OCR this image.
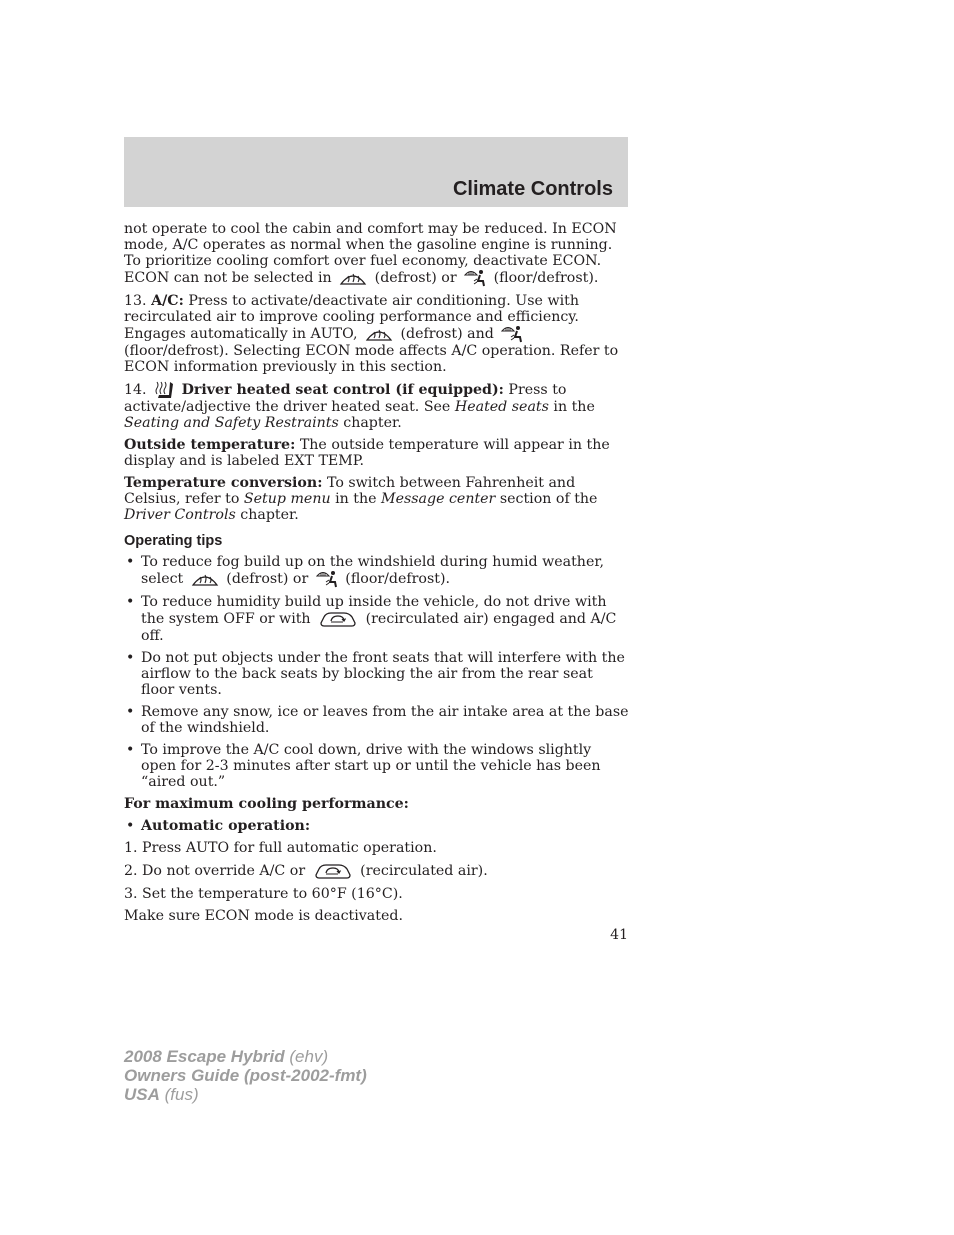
Climate Controls

not operate to cool the cabin and comfort may be reduced. In ECON mode, A/C operates as normal when the gasoline engine is running. To prioritize cooling comfort over fuel economy, deactivate ECON. ECON can not be selected in	(defrost) or	(floor/defrost).

13. A/C: Press to activate/deactivate air conditioning. Use with recirculated air to improve cooling performance and efficiency. Engages automatically in AUTO,	(defrost) and
(floor/defrost). Selecting ECON mode affects A/C operation. Refer to ECON information previously in this section.

14. Driver heated seat control (if equipped): Press to activate/adjective the driver heated seat. See Heated seats in the Seating and Safety Restraints chapter.

Outside temperature: The outside temperature will appear in the display and is labeled EXT TEMP.

Temperature conversion: To switch between Fahrenheit and Celsius, refer to Setup menu in the Message center section of the Driver Controls chapter.

Operating tips
• To reduce fog build up on the windshield during humid weather, select	(defrost) or	(floor/defrost).
• To reduce humidity build up inside the vehicle, do not drive with the system OFF or with	(recirculated air) engaged and A/C off.
• Do not put objects under the front seats that will interfere with the airflow to the back seats by blocking the air from the rear seat floor vents.
• Remove any snow, ice or leaves from the air intake area at the base of the windshield.
• To improve the A/C cool down, drive with the windows slightly open for 2-3 minutes after start up or until the vehicle has been “aired out.”

For maximum cooling performance:

• Automatic operation:

1. Press AUTO for full automatic operation.

2. Do not override A/C or	(recirculated air).

3. Set the temperature to 60°F (16°C).

Make sure ECON mode is deactivated.

41
2008 Escape Hybrid (ehv)
Owners Guide (post-2002-fmt)
USA (fus)
